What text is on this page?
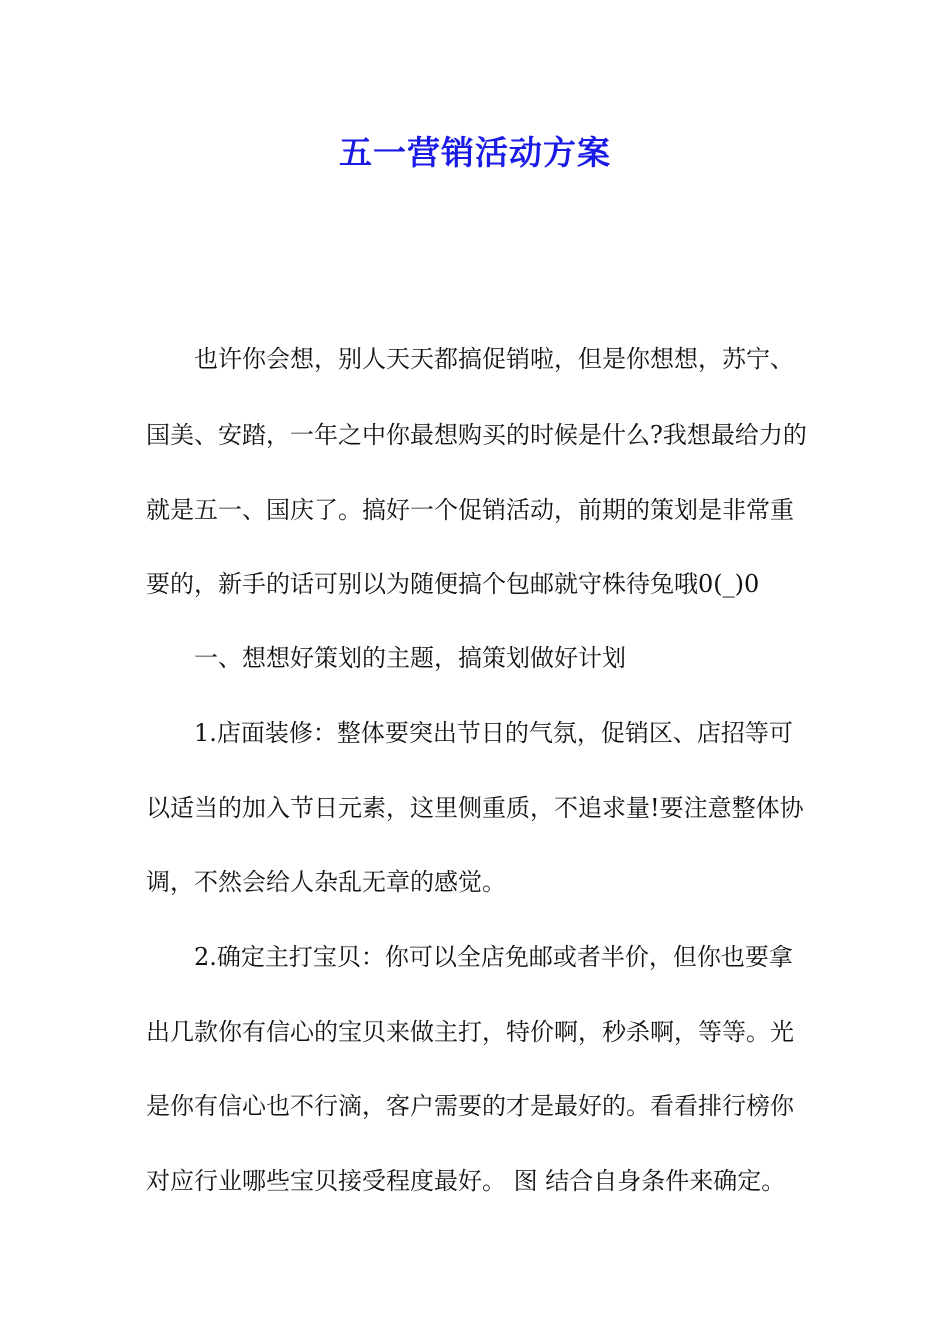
五一营销活动方案
也许你会想，别人天天都搞促销啦，但是你想想，苏宁、
国美、安踏，一年之中你最想购买的时候是什么?我想最给力的
就是五一、国庆了。搞好一个促销活动，前期的策划是非常重
要的，新手的话可别以为随便搞个包邮就守株待兔哦0(_)0
一、想想好策划的主题，搞策划做好计划
1.店面装修：整体要突出节日的气氛，促销区、店招等可
以适当的加入节日元素，这里侧重质，不追求量!要注意整体协
调，不然会给人杂乱无章的感觉。
2.确定主打宝贝：你可以全店免邮或者半价，但你也要拿
出几款你有信心的宝贝来做主打，特价啊，秒杀啊，等等。光
是你有信心也不行滴，客户需要的才是最好的。看看排行榜你
对应行业哪些宝贝接受程度最好。 图 结合自身条件来确定。
